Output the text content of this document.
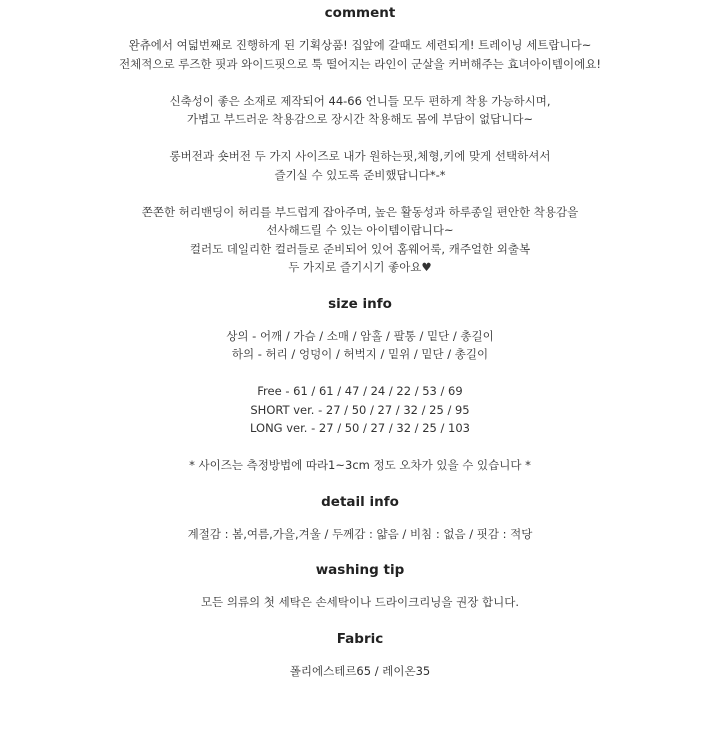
comment
완츄에서 여덟번째로 진행하게 된 기획상품! 집앞에 갈때도 세련되게! 트레이닝 세트랍니다~
전체적으로 루즈한 핏과 와이드핏으로 툭 떨어지는 라인이 군살을 커버해주는 효녀아이템이에요!
신축성이 좋은 소재로 제작되어 44-66 언니들 모두 편하게 착용 가능하시며,
가볍고 부드러운 착용감으로 장시간 착용해도 몸에 부담이 없답니다~
롱버전과 숏버전 두 가지 사이즈로 내가 원하는핏,체형,키에 맞게 선택하셔서
즐기실 수 있도록 준비했답니다*-*
쫀쫀한 허리밴딩이 허리를 부드럽게 잡아주며, 높은 활동성과 하루종일 편안한 착용감을
선사해드릴 수 있는 아이템이랍니다~
컬러도 데일리한 컬러들로 준비되어 있어 홈웨어룩, 캐주얼한 외출복
두 가지로 즐기시기 좋아요♥
size info
상의 - 어깨 / 가슴 / 소매 / 암홀 / 팔통 / 밑단 / 총길이
하의 - 허리 / 엉덩이 / 허벅지 / 밑위 / 밑단 / 총길이
Free - 61 / 61 / 47 / 24 / 22 / 53 / 69
SHORT ver. - 27 / 50 / 27 / 32 / 25 / 95
LONG ver. - 27 / 50 / 27 / 32 / 25 / 103
* 사이즈는 측정방법에 따라1~3cm 정도 오차가 있을 수 있습니다 *
detail info
계절감 : 봄,여름,가을,겨울 / 두께감 : 얇음 / 비침 : 없음 / 핏감 : 적당
washing tip
모든 의류의 첫 세탁은 손세탁이나 드라이크리닝을 권장 합니다.
Fabric
폴리에스테르65 / 레이온35
